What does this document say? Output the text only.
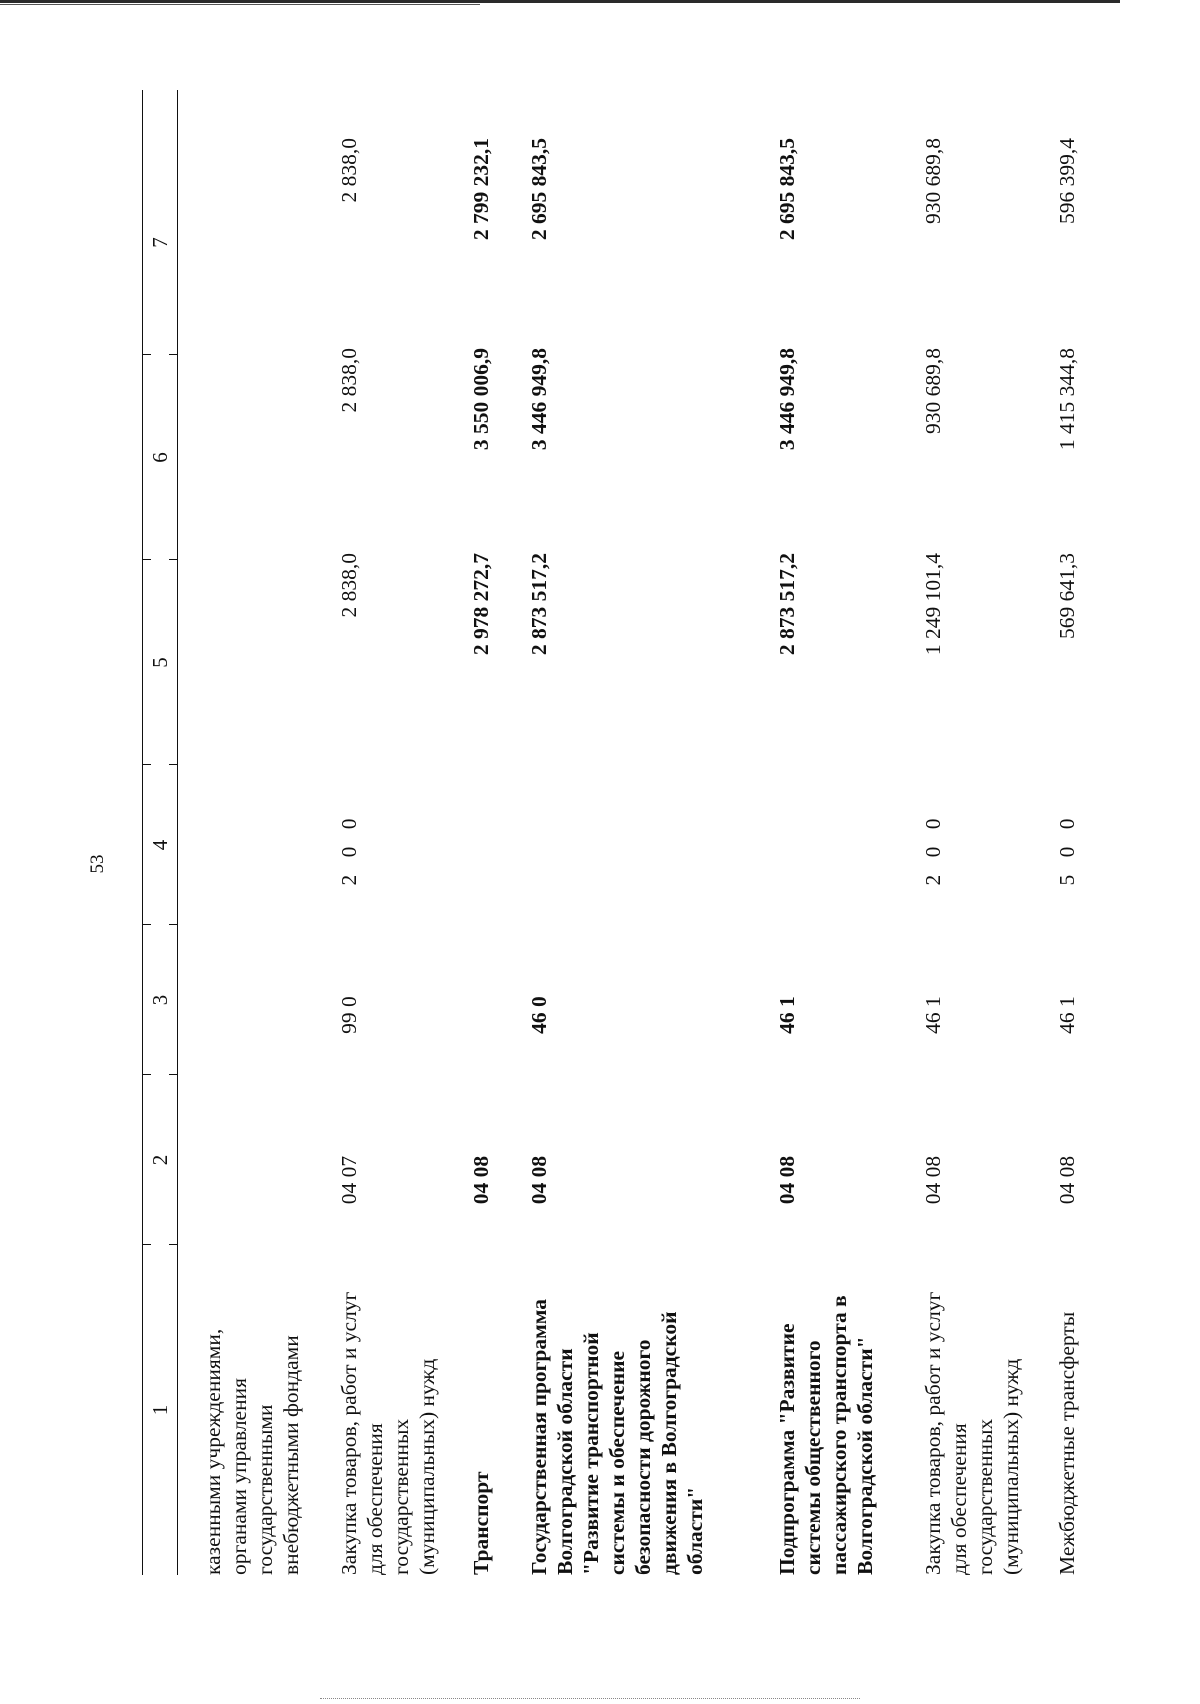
53
1
2
3
4
5
6
7
казенными учреждениями, органами управления государственными внебюджетными фондами Закупка товаров, работ и услуг для обеспечения государственных (муниципальных) нужд
04 07
99 0
2 0 0
2 838,0
2 838,0
2 838,0
Транспорт
04 08
2 978 272,7
3 550 006,9
2 799 232,1
Государственная программа Волгоградской области "Развитие транспортной системы и обеспечение безопасности дорожного движения в Волгоградской области"
04 08
46 0
2 873 517,2
3 446 949,8
2 695 843,5
Подпрограмма "Развитие системы общественного пассажирского транспорта в Волгоградской области"
04 08
46 1
2 873 517,2
3 446 949,8
2 695 843,5
Закупка товаров, работ и услуг для обеспечения государственных (муниципальных) нужд
04 08
46 1
2 0 0
1 249 101,4
930 689,8
930 689,8
Межбюджетные трансферты
04 08
46 1
5 0 0
569 641,3
1 415 344,8
596 399,4
